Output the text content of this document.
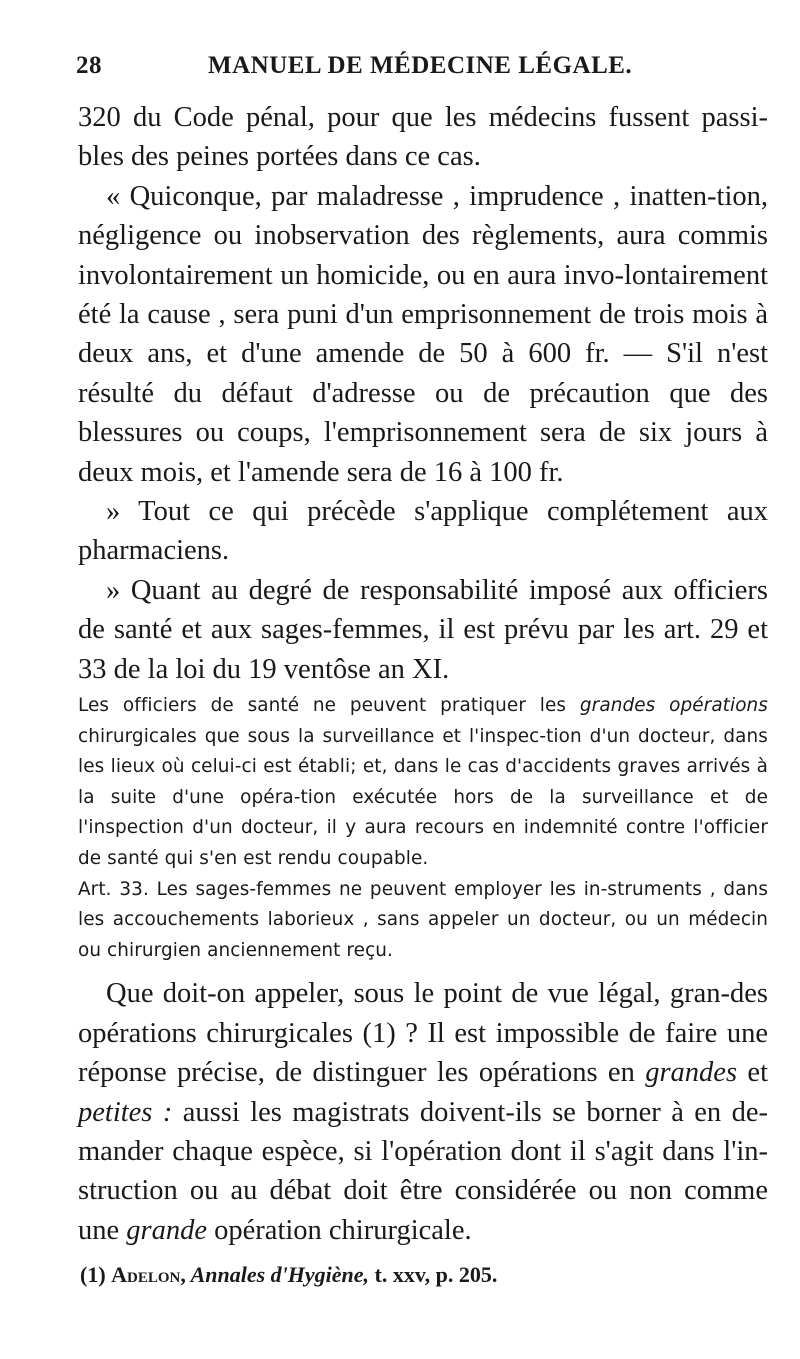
28	MANUEL DE MÉDECINE LÉGALE.

320 du Code pénal, pour que les médecins fussent passi-bles des peines portées dans ce cas.

« Quiconque, par maladresse , imprudence , inatten-tion, négligence ou inobservation des règlements, aura commis involontairement un homicide, ou en aura invo-lontairement été la cause , sera puni d'un emprisonnement de trois mois à deux ans, et d'une amende de 50 à 600 fr. — S'il n'est résulté du défaut d'adresse ou de précaution que des blessures ou coups, l'emprisonnement sera de six jours à deux mois, et l'amende sera de 16 à 100 fr.

» Tout ce qui précède s'applique complétement aux pharmaciens.

» Quant au degré de responsabilité imposé aux officiers de santé et aux sages-femmes, il est prévu par les art. 29 et 33 de la loi du 19 ventôse an XI.

Les officiers de santé ne peuvent pratiquer les grandes opérations chirurgicales que sous la surveillance et l'inspec-tion d'un docteur, dans les lieux où celui-ci est établi; et, dans le cas d'accidents graves arrivés à la suite d'une opéra-tion exécutée hors de la surveillance et de l'inspection d'un docteur, il y aura recours en indemnité contre l'officier de santé qui s'en est rendu coupable.

Art. 33. Les sages-femmes ne peuvent employer les in-struments , dans les accouchements laborieux , sans appeler un docteur, ou un médecin ou chirurgien anciennement reçu.

Que doit-on appeler, sous le point de vue légal, gran-des opérations chirurgicales (1) ? Il est impossible de faire une réponse précise, de distinguer les opérations en grandes et petites : aussi les magistrats doivent-ils se borner à en de-mander chaque espèce, si l'opération dont il s'agit dans l'in-struction ou au débat doit être considérée ou non comme une grande opération chirurgicale.

(1) Adelon, Annales d'Hygiène, t. xxv, p. 205.
